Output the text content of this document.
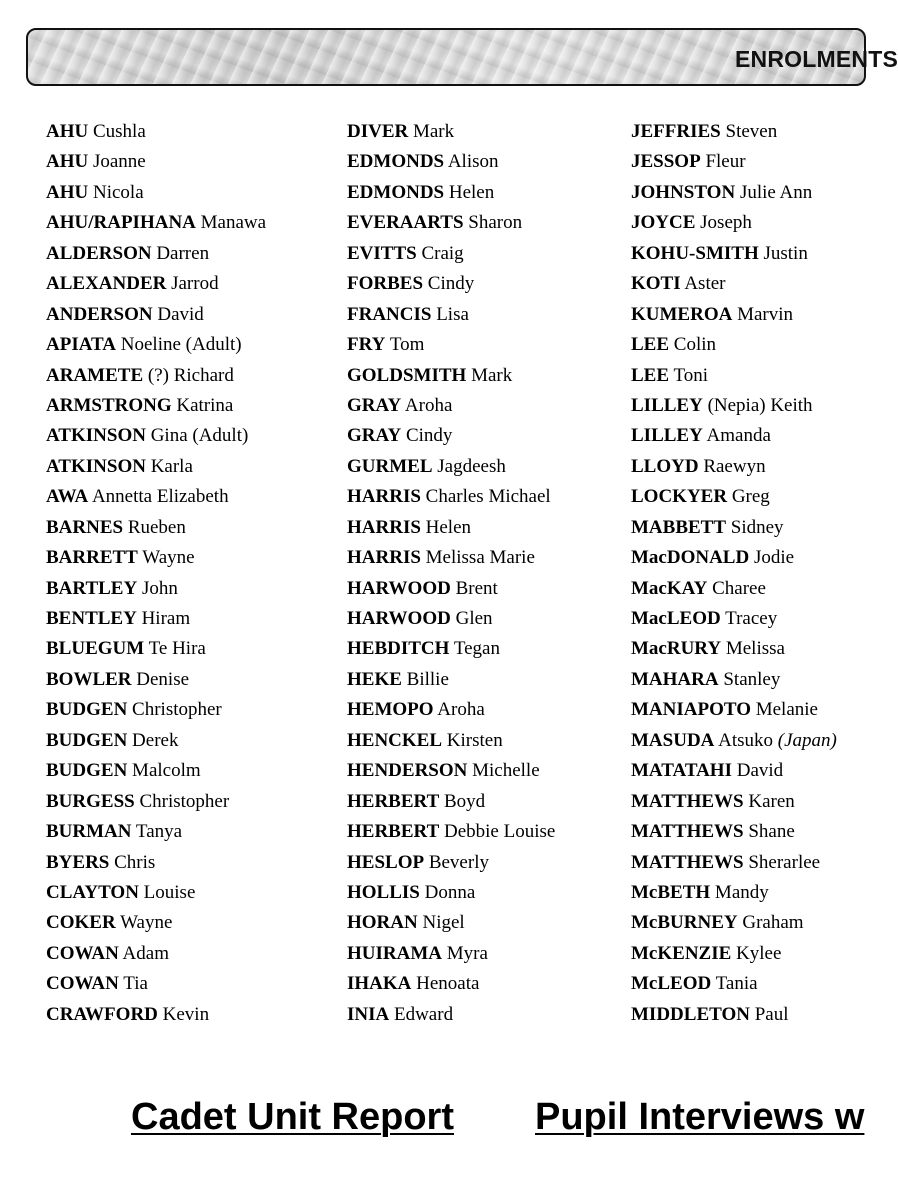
ENROLMENTS
AHU Cushla
AHU Joanne
AHU Nicola
AHU/RAPIHANA Manawa
ALDERSON Darren
ALEXANDER Jarrod
ANDERSON David
APIATA Noeline (Adult)
ARAMETE (?) Richard
ARMSTRONG Katrina
ATKINSON Gina (Adult)
ATKINSON Karla
AWA Annetta Elizabeth
BARNES Rueben
BARRETT Wayne
BARTLEY John
BENTLEY Hiram
BLUEGUM Te Hira
BOWLER Denise
BUDGEN Christopher
BUDGEN Derek
BUDGEN Malcolm
BURGESS Christopher
BURMAN Tanya
BYERS Chris
CLAYTON Louise
COKER Wayne
COWAN Adam
COWAN Tia
CRAWFORD Kevin
DIVER Mark
EDMONDS Alison
EDMONDS Helen
EVERAARTS Sharon
EVITTS Craig
FORBES Cindy
FRANCIS Lisa
FRY Tom
GOLDSMITH Mark
GRAY Aroha
GRAY Cindy
GURMEL Jagdeesh
HARRIS Charles Michael
HARRIS Helen
HARRIS Melissa Marie
HARWOOD Brent
HARWOOD Glen
HEBDITCH Tegan
HEKE Billie
HEMOPO Aroha
HENCKEL Kirsten
HENDERSON Michelle
HERBERT Boyd
HERBERT Debbie Louise
HESLOP Beverly
HOLLIS Donna
HORAN Nigel
HUIRAMA Myra
IHAKA Henoata
INIA Edward
JEFFRIES Steven
JESSOP Fleur
JOHNSTON Julie Ann
JOYCE Joseph
KOHU-SMITH Justin
KOTI Aster
KUMEROA Marvin
LEE Colin
LEE Toni
LILLEY (Nepia) Keith
LILLEY Amanda
LLOYD Raewyn
LOCKYER Greg
MABBETT Sidney
MacDONALD Jodie
MacKAY Charee
MacLEOD Tracey
MacRURY Melissa
MAHARA Stanley
MANIAPOTO Melanie
MASUDA Atsuko (Japan)
MATATAHI David
MATTHEWS Karen
MATTHEWS Shane
MATTHEWS Sherarlee
McBETH Mandy
McBURNEY Graham
McKENZIE Kylee
McLEOD Tania
MIDDLETON Paul
Cadet Unit Report Pupil Interviews w
